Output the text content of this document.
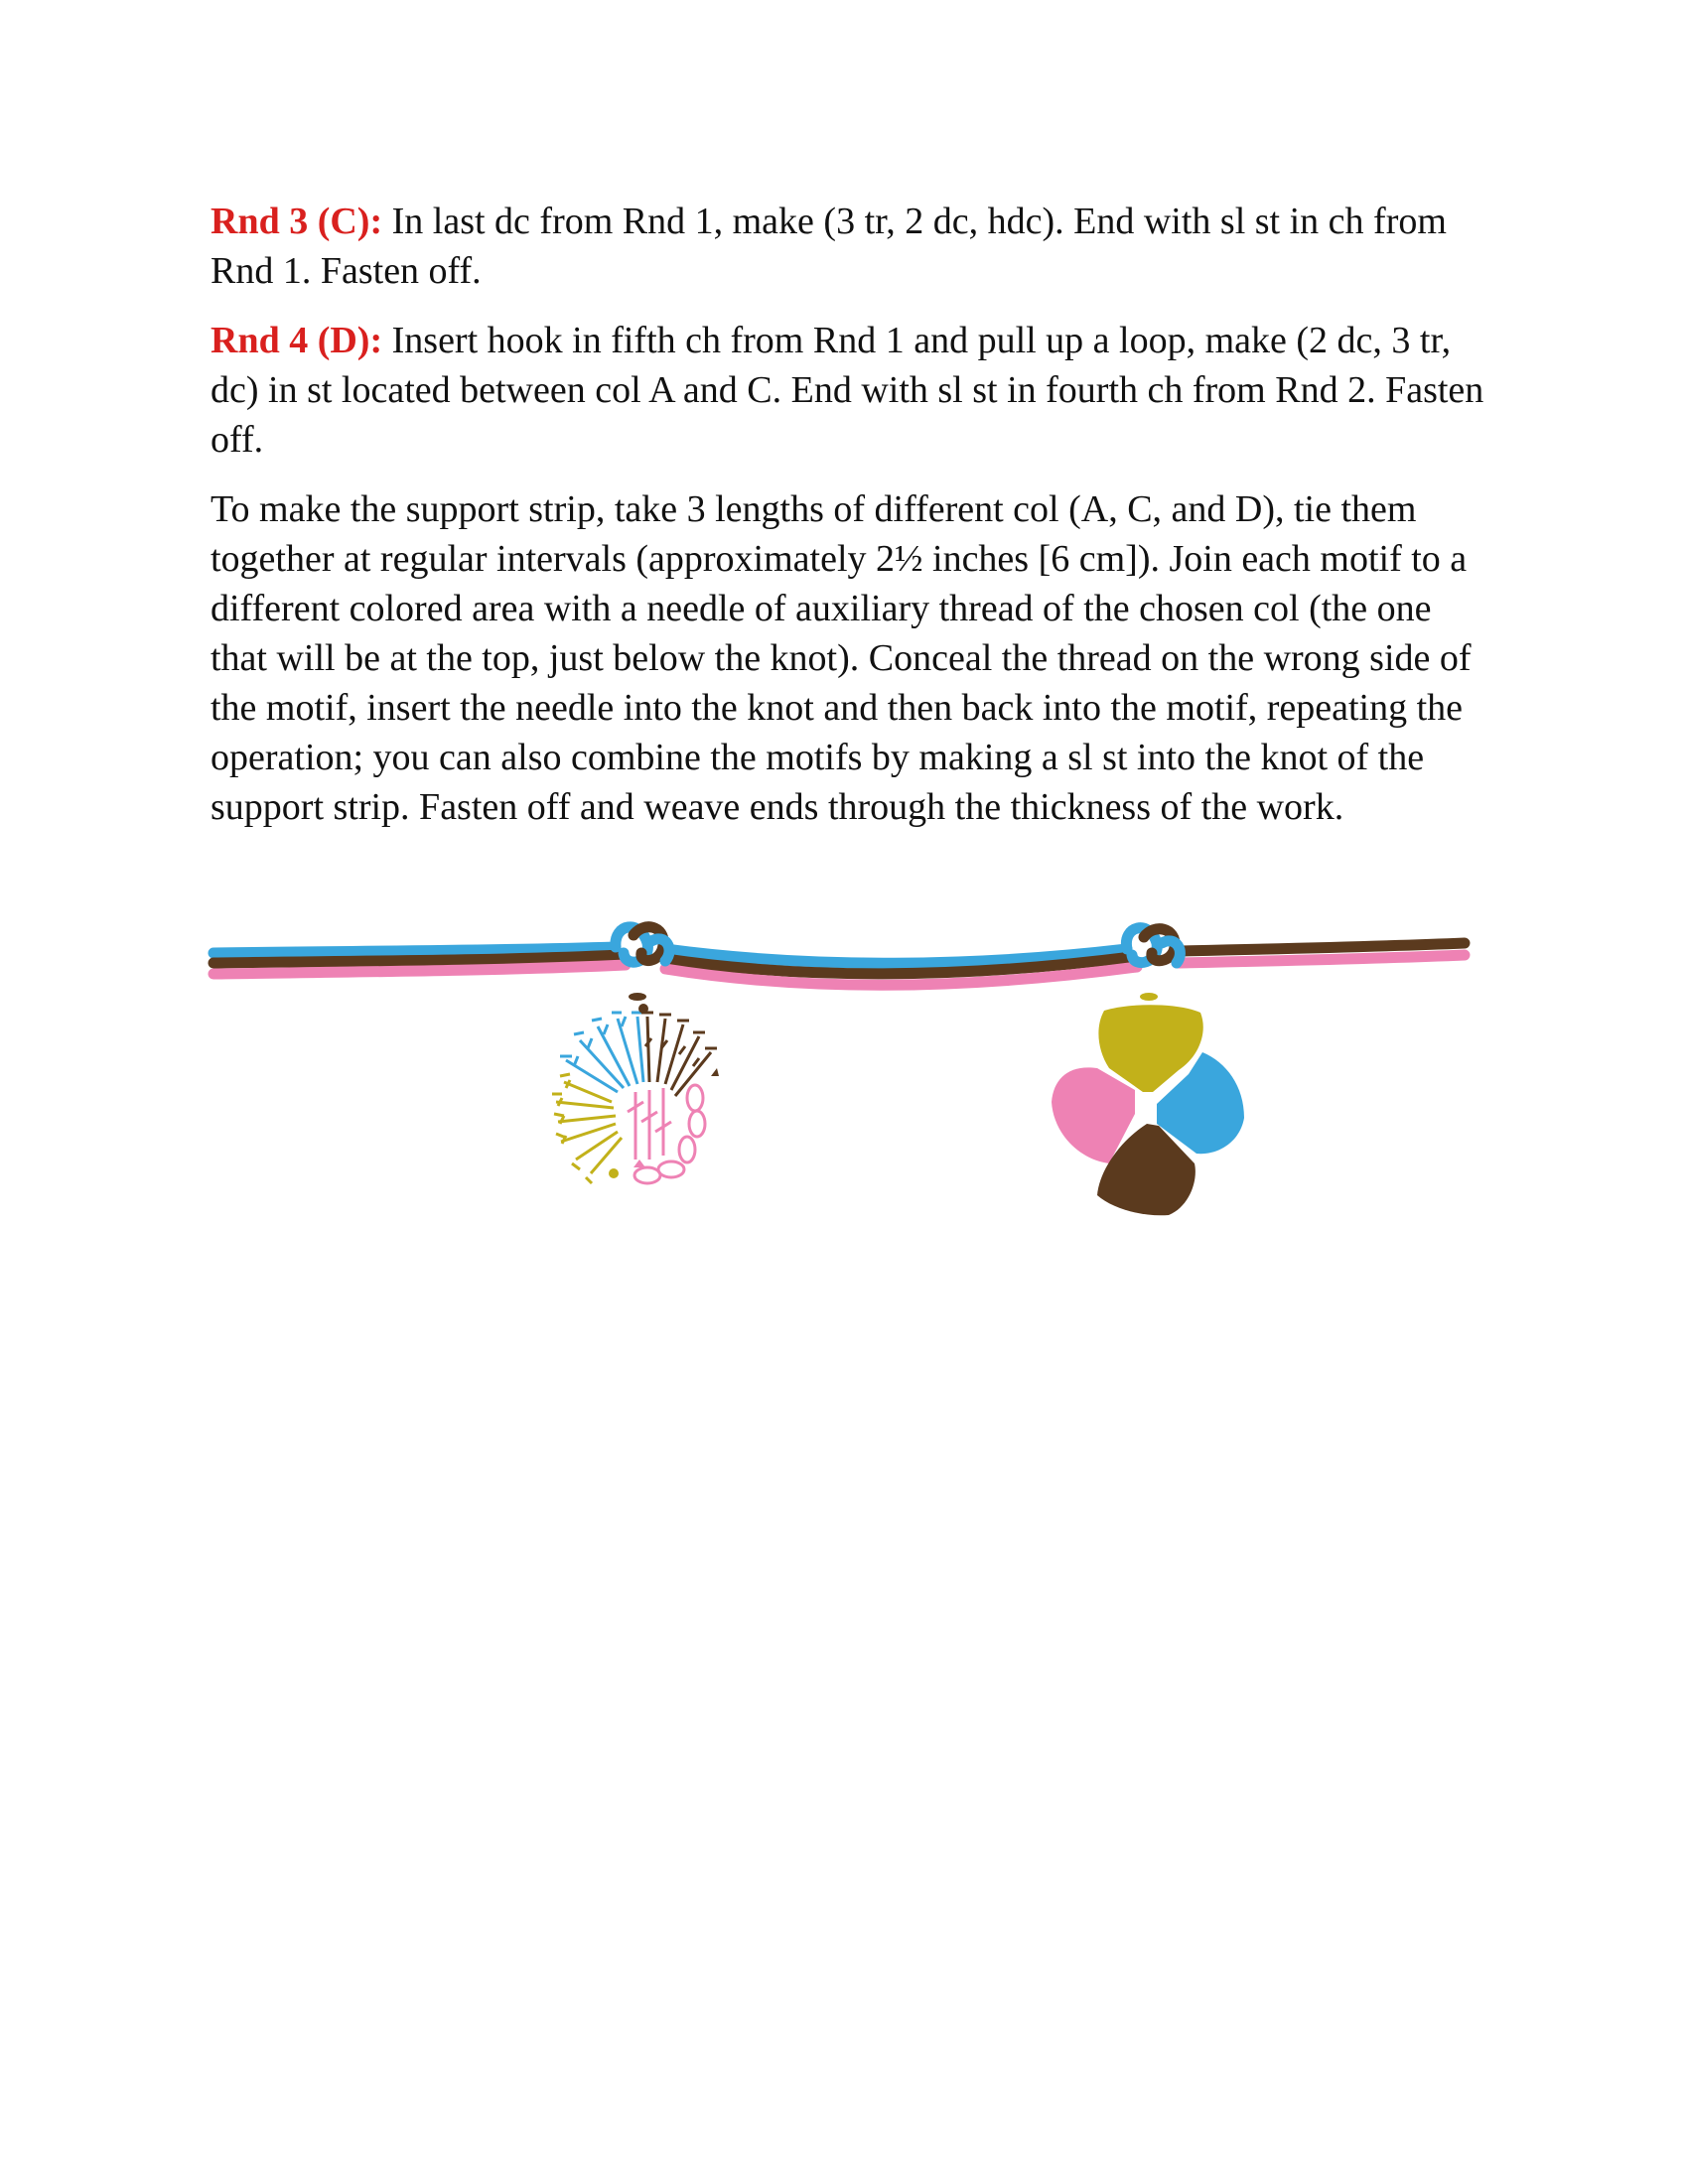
Rnd 3 (C): In last dc from Rnd 1, make (3 tr, 2 dc, hdc). End with sl st in ch from Rnd 1. Fasten off.

Rnd 4 (D): Insert hook in fifth ch from Rnd 1 and pull up a loop, make (2 dc, 3 tr, dc) in st located between col A and C. End with sl st in fourth ch from Rnd 2. Fasten off.

To make the support strip, take 3 lengths of different col (A, C, and D), tie them together at regular intervals (approximately 2½ inches [6 cm]). Join each motif to a different colored area with a needle of auxiliary thread of the chosen col (the one that will be at the top, just below the knot). Conceal the thread on the wrong side of the motif, insert the needle into the knot and then back into the motif, repeating the operation; you can also combine the motifs by making a sl st into the knot of the support strip. Fasten off and weave ends through the thickness of the work.
